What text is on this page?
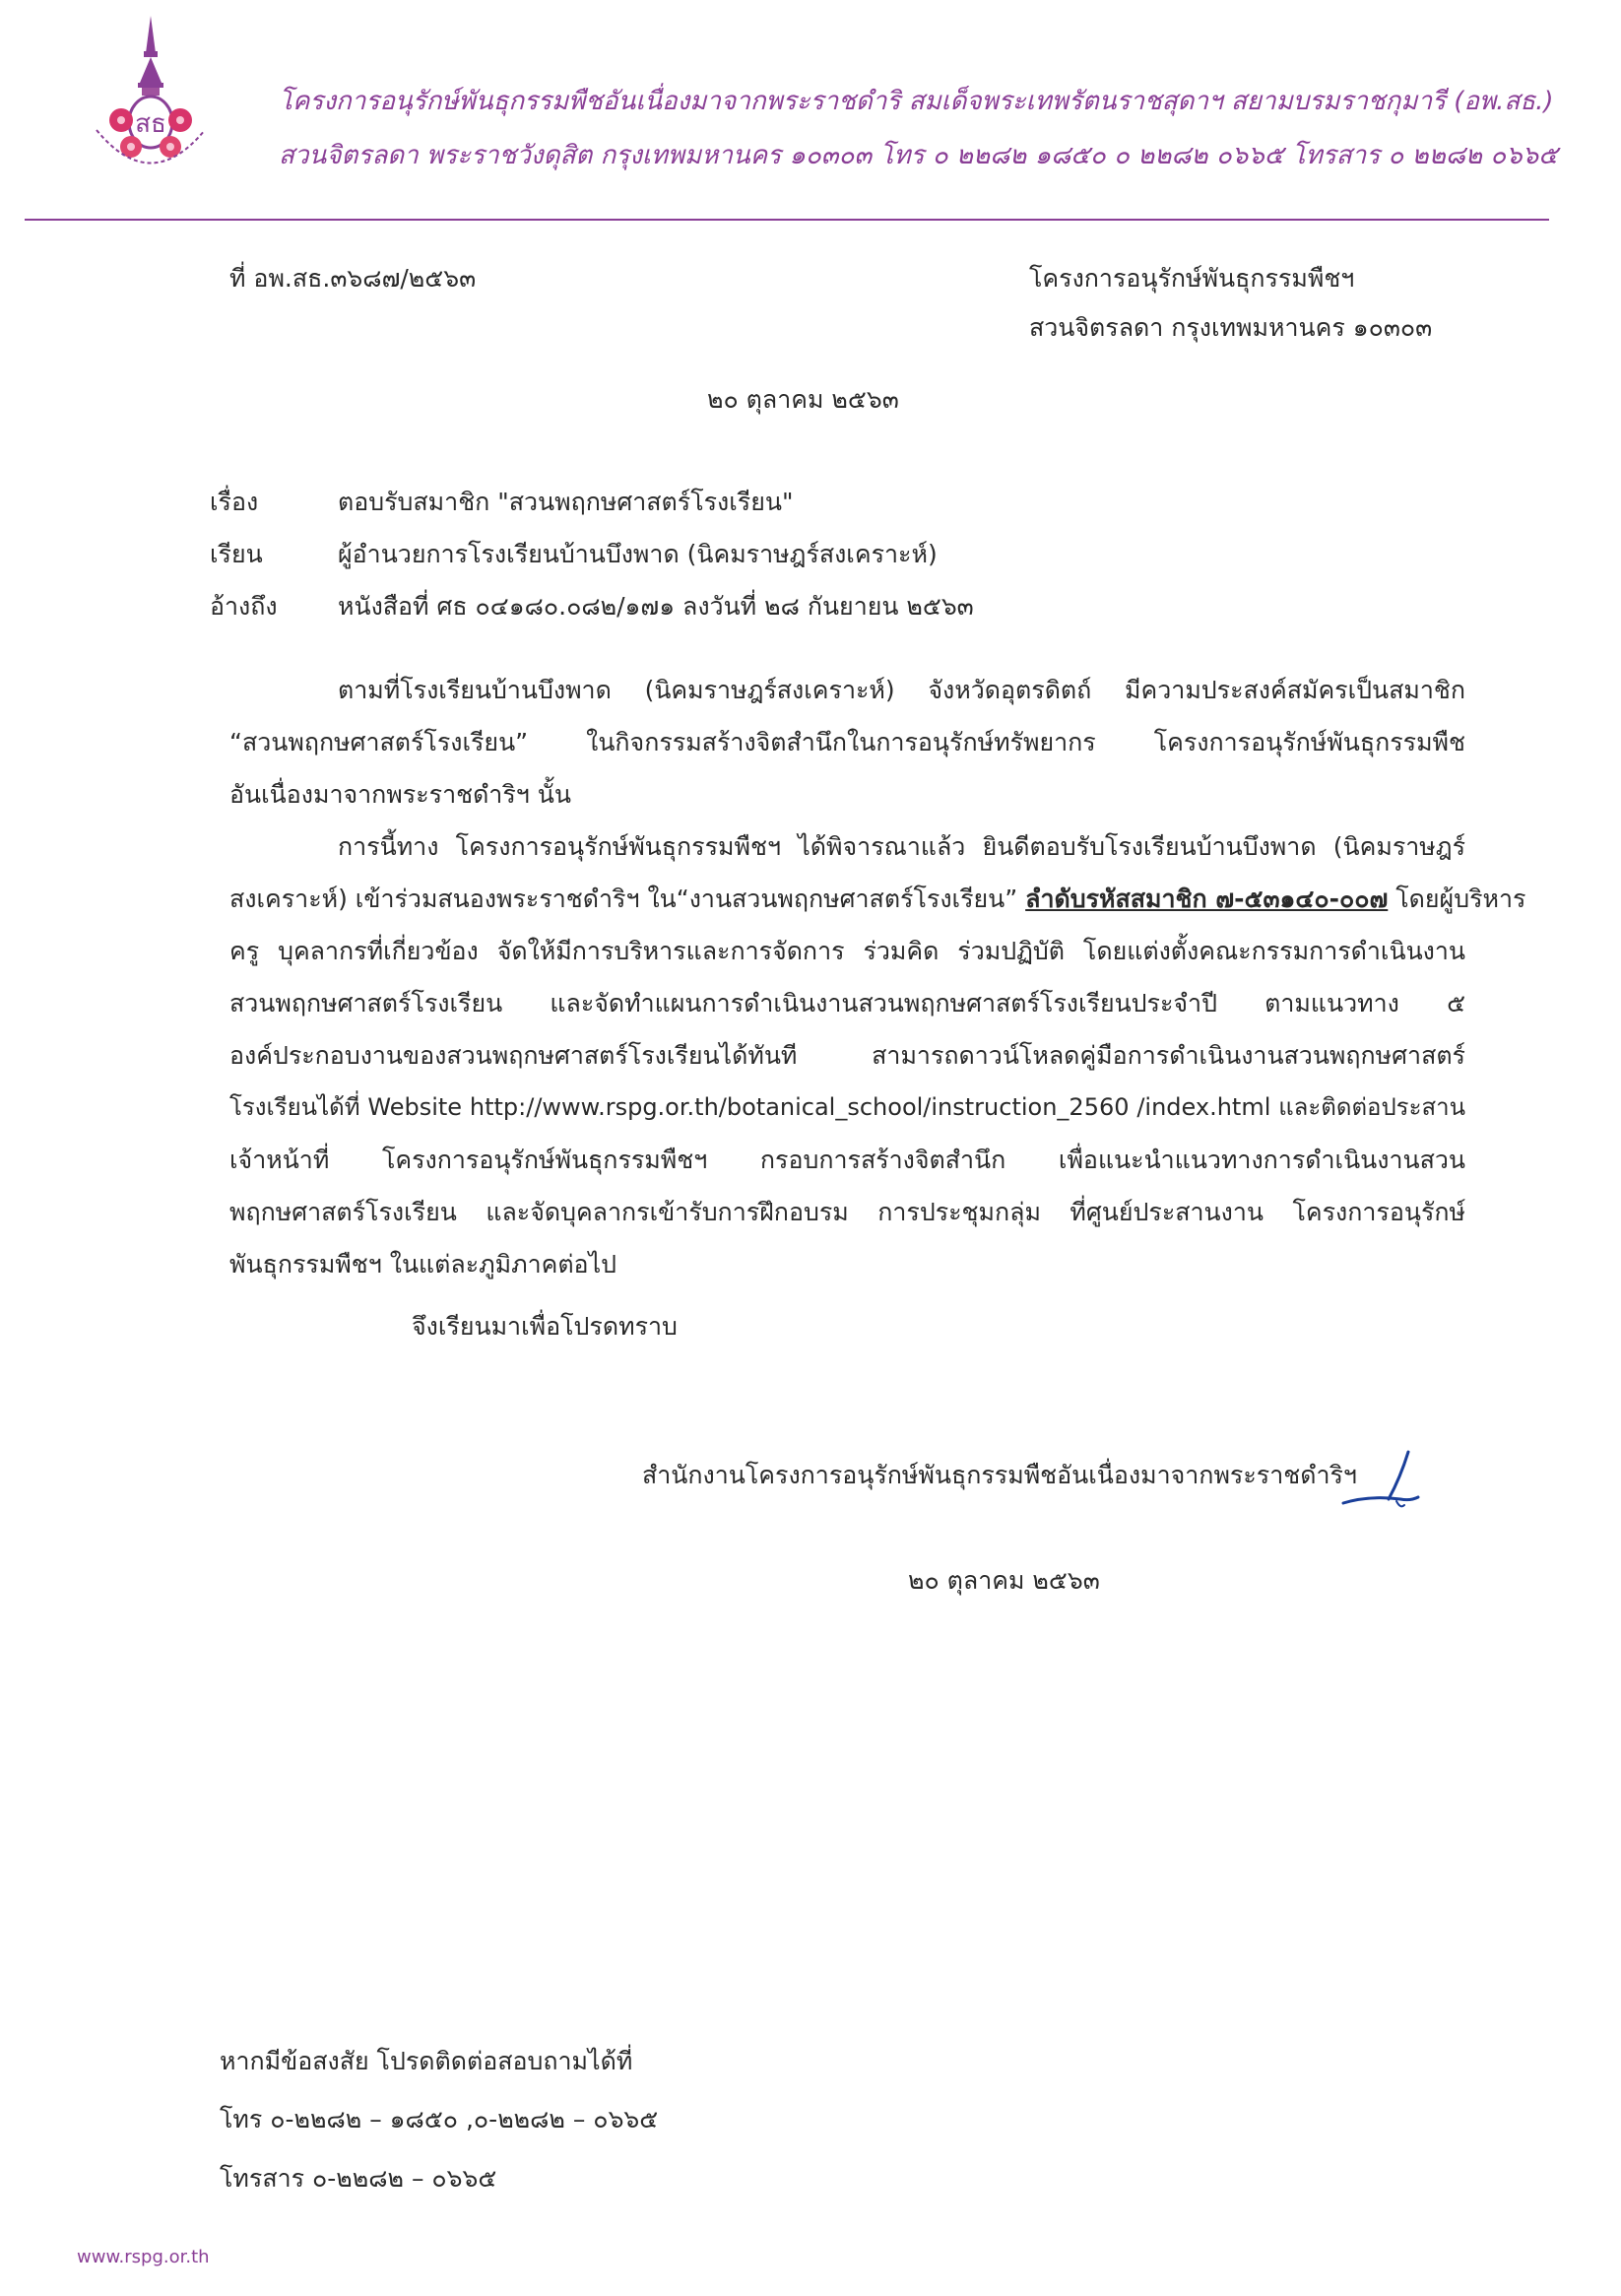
สธ
โครงการอนุรักษ์พันธุกรรมพืชอันเนื่องมาจากพระราชดำริ สมเด็จพระเทพรัตนราชสุดาฯ สยามบรมราชกุมารี (อพ.สธ.)
สวนจิตรลดา พระราชวังดุสิต กรุงเทพมหานคร ๑๐๓๐๓ โทร ๐ ๒๒๘๒ ๑๘๕๐ ๐ ๒๒๘๒ ๐๖๖๕ โทรสาร ๐ ๒๒๘๒ ๐๖๖๕
ที่ อพ.สธ.๓๖๘๗/๒๕๖๓	โครงการอนุรักษ์พันธุกรรมพืชฯ
สวนจิตรลดา กรุงเทพมหานคร ๑๐๓๐๓
๒๐ ตุลาคม ๒๕๖๓
เรื่อง	ตอบรับสมาชิก "สวนพฤกษศาสตร์โรงเรียน"
เรียน	ผู้อำนวยการโรงเรียนบ้านบึงพาด (นิคมราษฎร์สงเคราะห์)
อ้างถึง หนังสือที่ ศธ ๐๔๑๘๐.๐๘๒/๑๗๑ ลงวันที่ ๒๘ กันยายน ๒๕๖๓
ตามที่โรงเรียนบ้านบึงพาด (นิคมราษฎร์สงเคราะห์) จังหวัดอุตรดิตถ์ มีความประสงค์สมัครเป็นสมาชิก
“สวนพฤกษศาสตร์โรงเรียน” ในกิจกรรมสร้างจิตสำนึกในการอนุรักษ์ทรัพยากร โครงการอนุรักษ์พันธุกรรมพืช
อันเนื่องมาจากพระราชดำริฯ นั้น
การนี้ทาง โครงการอนุรักษ์พันธุกรรมพืชฯ ได้พิจารณาแล้ว ยินดีตอบรับโรงเรียนบ้านบึงพาด (นิคมราษฎร์
สงเคราะห์) เข้าร่วมสนองพระราชดำริฯ ใน“งานสวนพฤกษศาสตร์โรงเรียน” ลำดับรหัสสมาชิก ๗-๕๓๑๔๐-๐๐๗ โดยผู้บริหาร
ครู บุคลากรที่เกี่ยวข้อง จัดให้มีการบริหารและการจัดการ ร่วมคิด ร่วมปฏิบัติ โดยแต่งตั้งคณะกรรมการดำเนินงาน
สวนพฤกษศาสตร์โรงเรียน และจัดทำแผนการดำเนินงานสวนพฤกษศาสตร์โรงเรียนประจำปี ตามแนวทาง ๕
องค์ประกอบงานของสวนพฤกษศาสตร์โรงเรียนได้ทันที สามารถดาวน์โหลดคู่มือการดำเนินงานสวนพฤกษศาสตร์
โรงเรียนได้ที่ Website http://www.rspg.or.th/botanical_school/instruction_2560 /index.html และติดต่อประสาน
เจ้าหน้าที่ โครงการอนุรักษ์พันธุกรรมพืชฯ กรอบการสร้างจิตสำนึก เพื่อแนะนำแนวทางการดำเนินงานสวน
พฤกษศาสตร์โรงเรียน และจัดบุคลากรเข้ารับการฝึกอบรม การประชุมกลุ่ม ที่ศูนย์ประสานงาน โครงการอนุรักษ์
พันธุกรรมพืชฯ ในแต่ละภูมิภาคต่อไป
จึงเรียนมาเพื่อโปรดทราบ
สำนักงานโครงการอนุรักษ์พันธุกรรมพืชอันเนื่องมาจากพระราชดำริฯ
๒๐ ตุลาคม ๒๕๖๓
หากมีข้อสงสัย โปรดติดต่อสอบถามได้ที่
โทร ๐-๒๒๘๒ – ๑๘๕๐ ,๐-๒๒๘๒ – ๐๖๖๕
โทรสาร ๐-๒๒๘๒ – ๐๖๖๕
www.rspg.or.th
